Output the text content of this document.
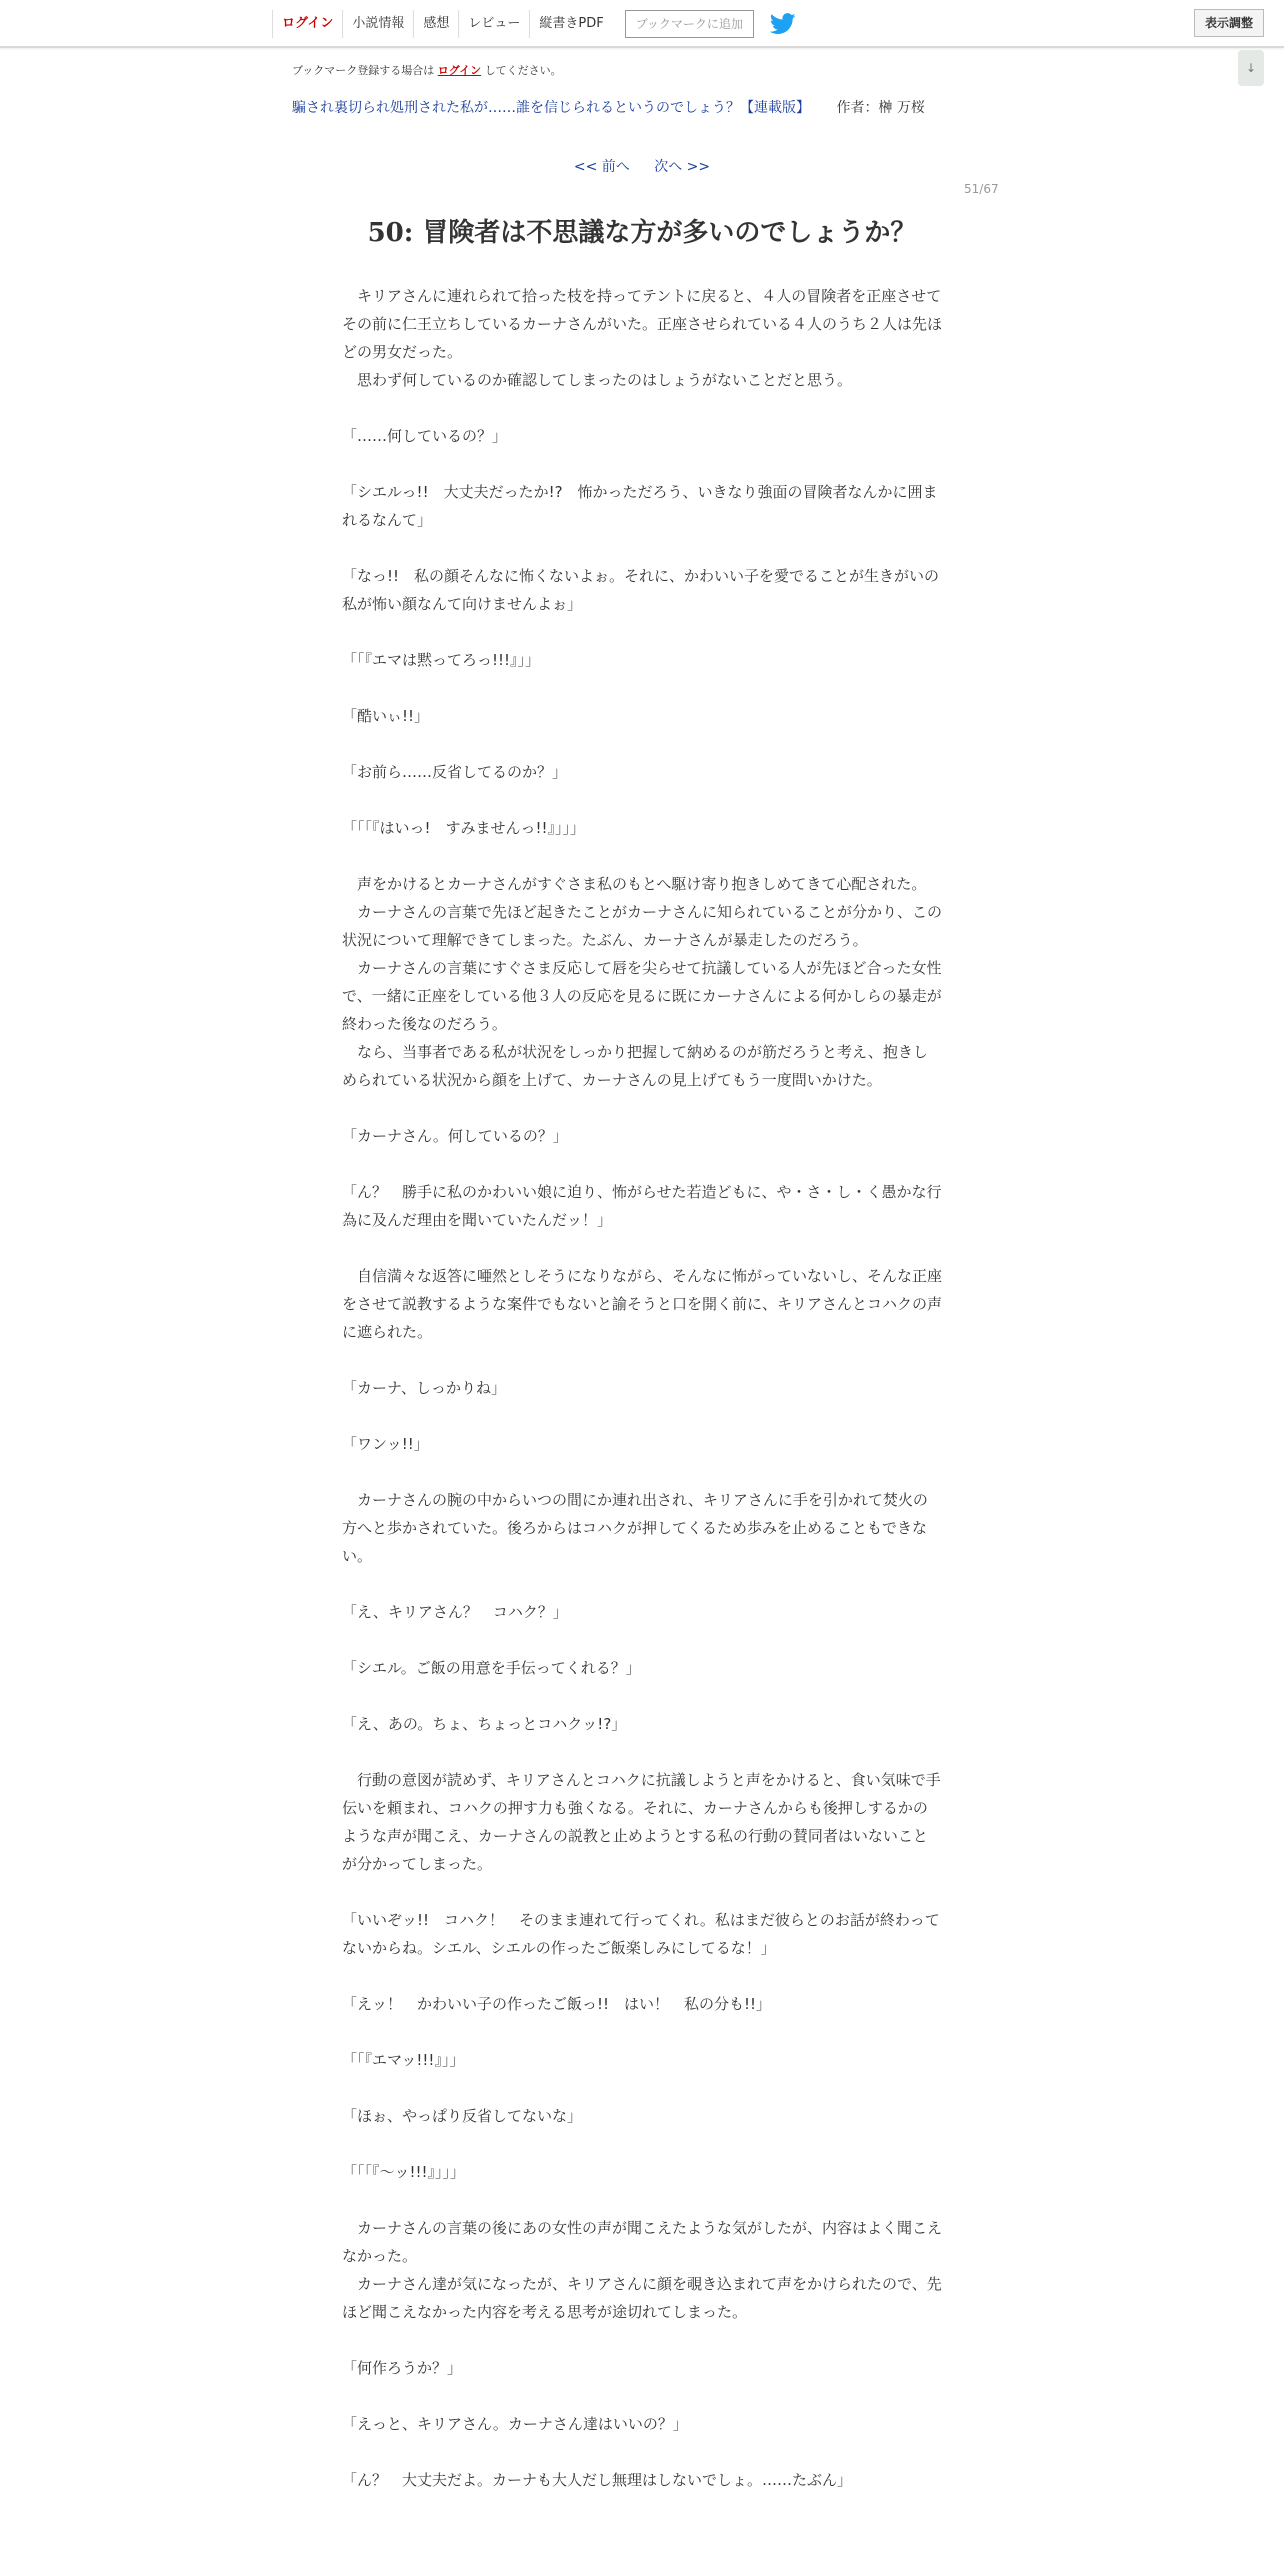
ログイン	小説情報	感想	レビュー	縦書きPDF	ブックマークに追加	表示調整
↓
ブックマーク登録する場合は ログイン してください。
騙され裏切られ処刑された私が……誰を信じられるというのでしょう？【連載版】 作者：榊 万桜
<< 前へ 次へ >>
51/67
50: 冒険者は不思議な方が多いのでしょうか？

　キリアさんに連れられて拾った枝を持ってテントに戻ると、４人の冒険者を正座させてその前に仁王立ちしているカーナさんがいた。正座させられている４人のうち２人は先ほどの男女だった。

　思わず何しているのか確認してしまったのはしょうがないことだと思う。

「……何しているの？」

「シエルっ!!　大丈夫だったか!?　怖かっただろう、いきなり強面の冒険者なんかに囲まれるなんて」

「なっ!!　私の顔そんなに怖くないよぉ。それに、かわいい子を愛でることが生きがいの私が怖い顔なんて向けませんよぉ」

「「『エマは黙ってろっ!!!』」」

「酷いぃ!!」

「お前ら……反省してるのか？」

「「「『はいっ!　すみませんっ!!』」」」

　声をかけるとカーナさんがすぐさま私のもとへ駆け寄り抱きしめてきて心配された。

　カーナさんの言葉で先ほど起きたことがカーナさんに知られていることが分かり、この状況について理解できてしまった。たぶん、カーナさんが暴走したのだろう。

　カーナさんの言葉にすぐさま反応して唇を尖らせて抗議している人が先ほど合った女性で、一緒に正座をしている他３人の反応を見るに既にカーナさんによる何かしらの暴走が終わった後なのだろう。

　なら、当事者である私が状況をしっかり把握して納めるのが筋だろうと考え、抱きしめられている状況から顔を上げて、カーナさんの見上げてもう一度問いかけた。

「カーナさん。何しているの？」

「ん？　勝手に私のかわいい娘に迫り、怖がらせた若造どもに、や・さ・し・く愚かな行為に及んだ理由を聞いていたんだッ！」

　自信満々な返答に唖然としそうになりながら、そんなに怖がっていないし、そんな正座をさせて説教するような案件でもないと諭そうと口を開く前に、キリアさんとコハクの声に遮られた。

「カーナ、しっかりね」

「ワンッ!!」

　カーナさんの腕の中からいつの間にか連れ出され、キリアさんに手を引かれて焚火の方へと歩かされていた。後ろからはコハクが押してくるため歩みを止めることもできない。

「え、キリアさん？　コハク？」

「シエル。ご飯の用意を手伝ってくれる？」

「え、あの。ちょ、ちょっとコハクッ!?」

　行動の意図が読めず、キリアさんとコハクに抗議しようと声をかけると、食い気味で手伝いを頼まれ、コハクの押す力も強くなる。それに、カーナさんからも後押しするかのような声が聞こえ、カーナさんの説教と止めようとする私の行動の賛同者はいないことが分かってしまった。

「いいぞッ!!　コハク！　そのまま連れて行ってくれ。私はまだ彼らとのお話が終わってないからね。シエル、シエルの作ったご飯楽しみにしてるな！」

「えッ！　かわいい子の作ったご飯っ!!　はい！　私の分も!!」

「「『エマッ!!!』」」

「ほぉ、やっぱり反省してないな」

「「「『～ッ!!!』」」」

　カーナさんの言葉の後にあの女性の声が聞こえたような気がしたが、内容はよく聞こえなかった。

　カーナさん達が気になったが、キリアさんに顔を覗き込まれて声をかけられたので、先ほど聞こえなかった内容を考える思考が途切れてしまった。

「何作ろうか？」

「えっと、キリアさん。カーナさん達はいいの？」

「ん？　大丈夫だよ。カーナも大人だし無理はしないでしょ。……たぶん」
